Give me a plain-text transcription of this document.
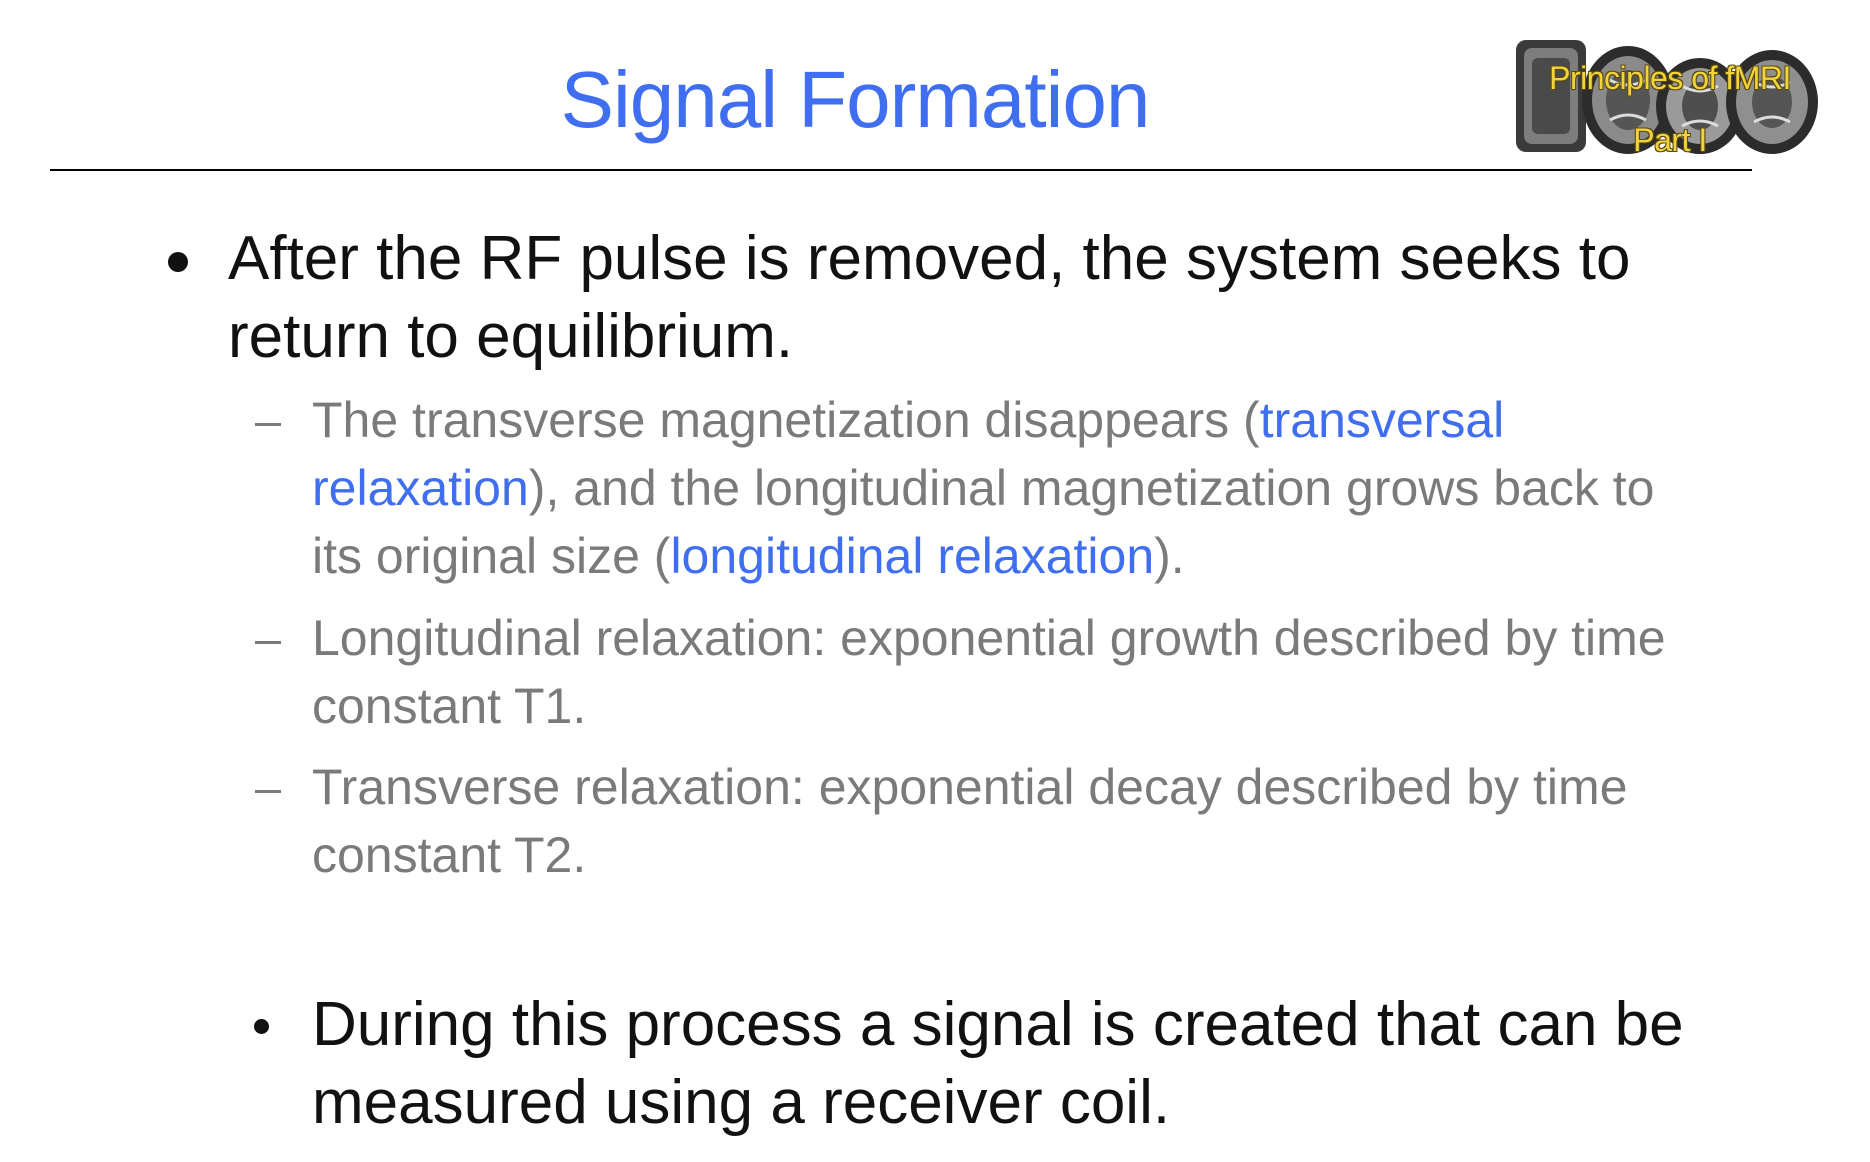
Signal Formation	Principles of fMRI
Part I
After the RF pulse is removed, the system seeks to return to equilibrium.
The transverse magnetization disappears (transversal relaxation), and the longitudinal magnetization grows back to its original size (longitudinal relaxation).
Longitudinal relaxation: exponential growth described by time constant T1.
Transverse relaxation: exponential decay described by time constant T2.
During this process a signal is created that can be measured using a receiver coil.
